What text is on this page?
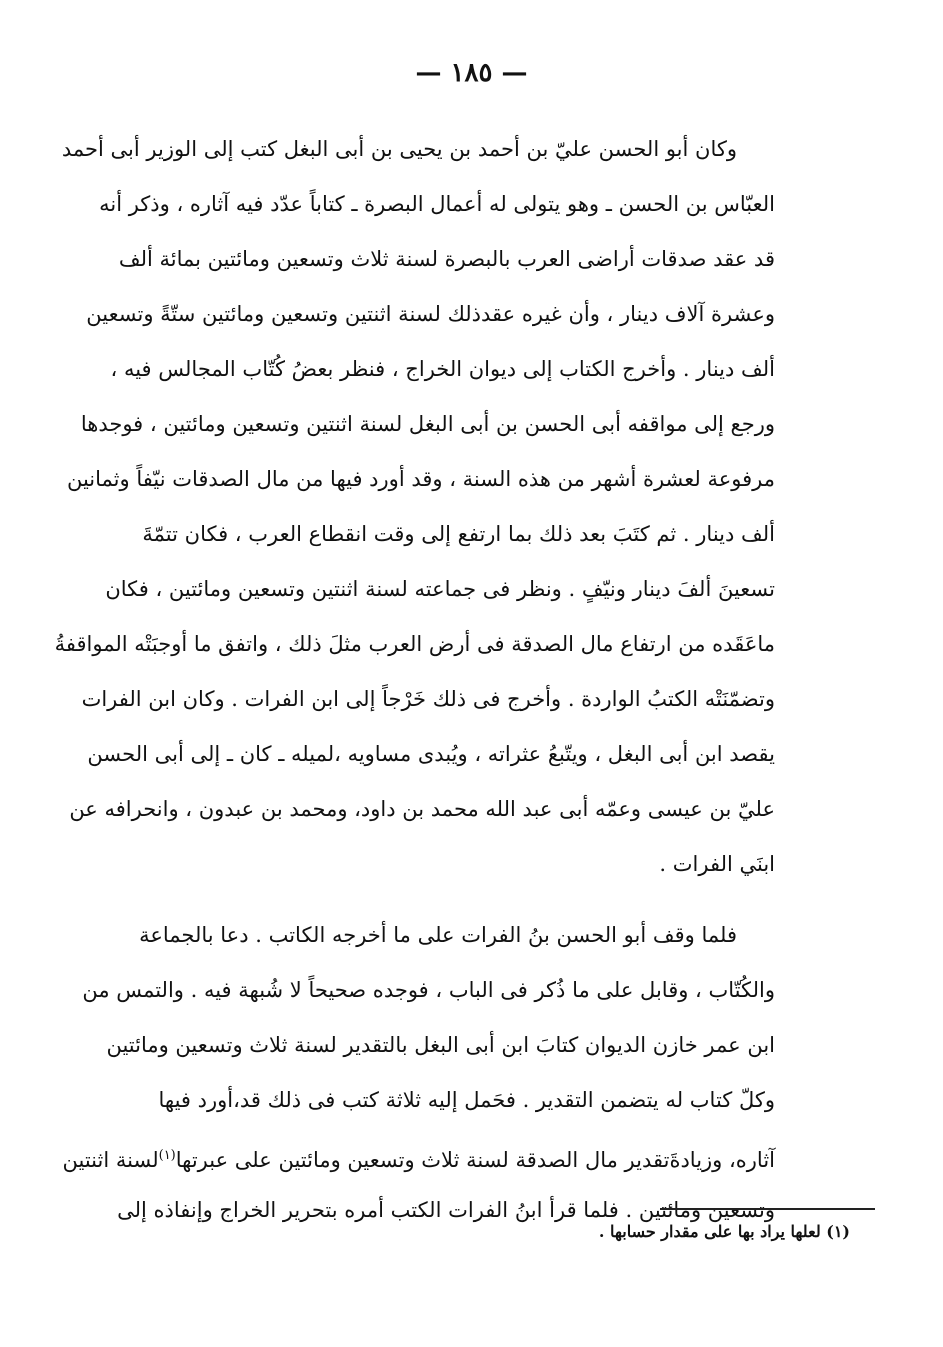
— ١٨٥ —
وكان أبو الحسن عليّ بن أحمد بن يحيى بن أبى البغل كتب إلى الوزير أبى أحمد
العبّاس بن الحسن ـ وهو يتولى له أعمال البصرة ـ كتاباً عدّد فيه آثاره ، وذكر أنه
قد عقد صدقات أراضى العرب بالبصرة لسنة ثلاث وتسعين ومائتين بمائة ألف
وعشرة آلاف دينار ، وأن غيره عقدذلك لسنة اثنتين وتسعين ومائتين ستّةً وتسعين
ألف دينار . وأخرج الكتاب إلى ديوان الخراج ، فنظر بعضُ كُتّاب المجالس فيه ،
ورجع إلى مواقفه أبى الحسن بن أبى البغل لسنة اثنتين وتسعين ومائتين ، فوجدها
مرفوعة لعشرة أشهر من هذه السنة ، وقد أورد فيها من مال الصدقات نيّفاً وثمانين
ألف دينار . ثم كتَبَ بعد ذلك بما ارتفع إلى وقت انقطاع العرب ، فكان تتمّةَ
تسعينَ ألفَ دينار ونيّفٍ . ونظر فى جماعته لسنة اثنتين وتسعين ومائتين ، فكان
ماعَقَده من ارتفاع مال الصدقة فى أرض العرب مثلَ ذلك ، واتفق ما أوجبَتْه المواقفةُ
وتضمّنَتْه الكتبُ الواردة . وأخرج فى ذلك خَرْجاً إلى ابن الفرات . وكان ابن الفرات
يقصد ابن أبى البغل ، ويتّبعُ عثراته ، ويُبدى مساويه ،لميله ـ كان ـ إلى أبى الحسن
عليّ بن عيسى وعمّه أبى عبد الله محمد بن داود، ومحمد بن عبدون ، وانحرافه عن
ابنَي الفرات .
فلما وقف أبو الحسن بنُ الفرات على ما أخرجه الكاتب . دعا بالجماعة
والكُتّاب ، وقابل على ما ذُكر فى الباب ، فوجده صحيحاً لا شُبهة فيه . والتمس من
ابن عمر خازن الديوان كتابَ ابن أبى البغل بالتقدير لسنة ثلاث وتسعين ومائتين
وكلّ كتاب له يتضمن التقدير . فحَمل إليه ثلاثة كتب فى ذلك قد،أورد فيها
آثاره، وزيادةَتقدير مال الصدقة لسنة ثلاث وتسعين ومائتين على عبرتها$^{(١)}$لسنة اثنتين
وتسعين ومائتين . فلما قرأ ابنُ الفرات الكتب أمره بتحرير الخراج وإنفاذه إلى
(١) لعلها يراد بها على مقدار حسابها .
